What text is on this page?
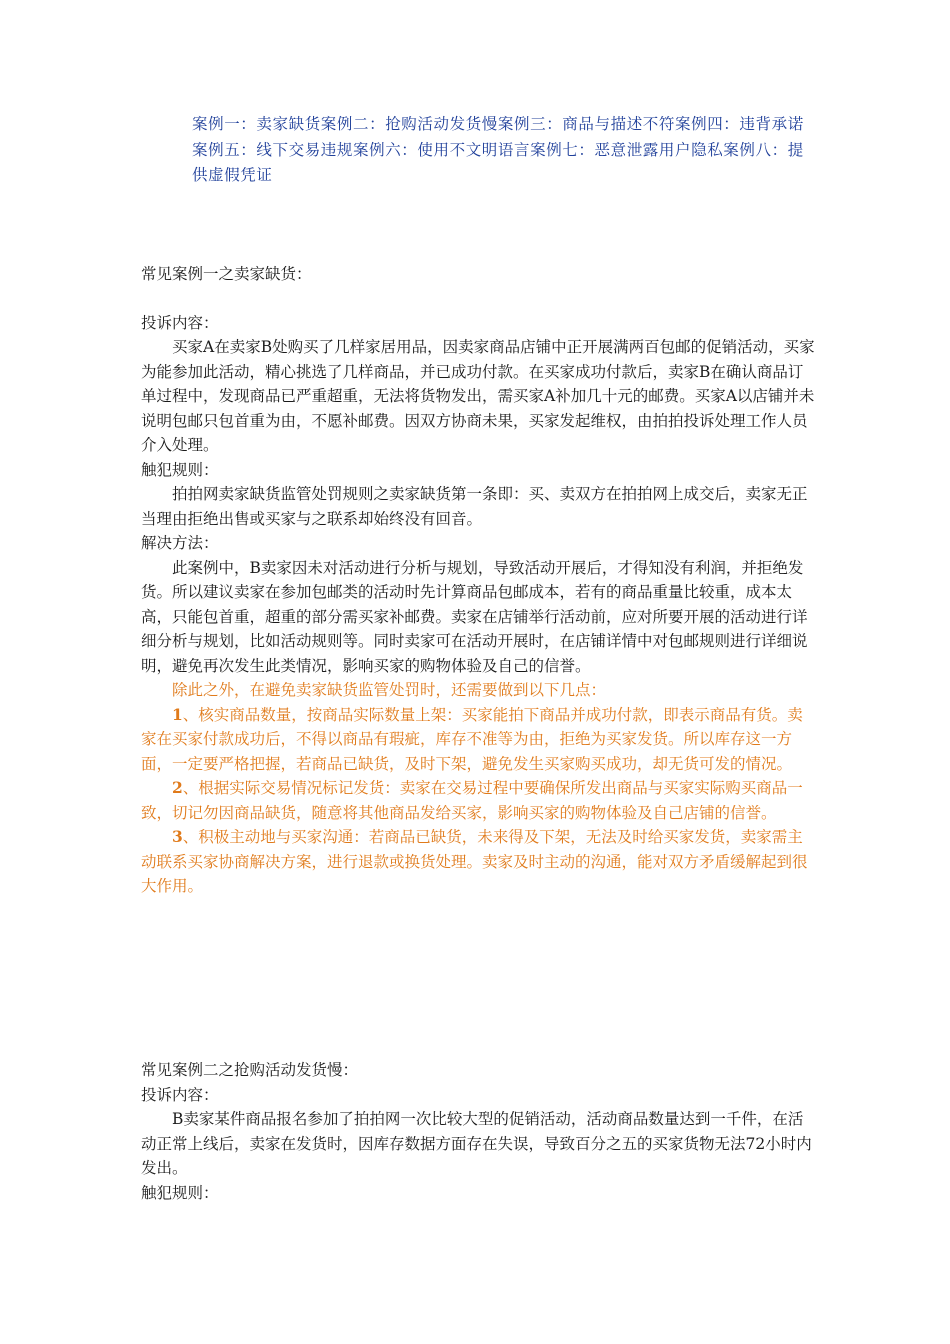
案例一：卖家缺货案例二：抢购活动发货慢案例三：商品与描述不符案例四：违背承诺案例五：线下交易违规案例六：使用不文明语言案例七：恶意泄露用户隐私案例八：提供虚假凭证

常见案例一之卖家缺货：

投诉内容：

买家A在卖家B处购买了几样家居用品，因卖家商品店铺中正开展满两百包邮的促销活动，买家为能参加此活动，精心挑选了几样商品，并已成功付款。在买家成功付款后，卖家B在确认商品订单过程中，发现商品已严重超重，无法将货物发出，需买家A补加几十元的邮费。买家A以店铺并未说明包邮只包首重为由，不愿补邮费。因双方协商未果，买家发起维权，由拍拍投诉处理工作人员介入处理。

触犯规则：

拍拍网卖家缺货监管处罚规则之卖家缺货第一条即：买、卖双方在拍拍网上成交后，卖家无正当理由拒绝出售或买家与之联系却始终没有回音。

解决方法：

此案例中，B卖家因未对活动进行分析与规划，导致活动开展后，才得知没有利润，并拒绝发货。所以建议卖家在参加包邮类的活动时先计算商品包邮成本，若有的商品重量比较重，成本太高，只能包首重，超重的部分需买家补邮费。卖家在店铺举行活动前，应对所要开展的活动进行详细分析与规划，比如活动规则等。同时卖家可在活动开展时，在店铺详情中对包邮规则进行详细说明，避免再次发生此类情况，影响买家的购物体验及自己的信誉。

除此之外，在避免卖家缺货监管处罚时，还需要做到以下几点：

1、核实商品数量，按商品实际数量上架：买家能拍下商品并成功付款，即表示商品有货。卖家在买家付款成功后，不得以商品有瑕疵，库存不准等为由，拒绝为买家发货。所以库存这一方面，一定要严格把握，若商品已缺货，及时下架，避免发生买家购买成功，却无货可发的情况。

2、根据实际交易情况标记发货：卖家在交易过程中要确保所发出商品与买家实际购买商品一致，切记勿因商品缺货，随意将其他商品发给买家，影响买家的购物体验及自己店铺的信誉。

3、积极主动地与买家沟通：若商品已缺货，未来得及下架，无法及时给买家发货，卖家需主动联系买家协商解决方案，进行退款或换货处理。卖家及时主动的沟通，能对双方矛盾缓解起到很大作用。

常见案例二之抢购活动发货慢：

投诉内容：

B卖家某件商品报名参加了拍拍网一次比较大型的促销活动，活动商品数量达到一千件，在活动正常上线后，卖家在发货时，因库存数据方面存在失误，导致百分之五的买家货物无法72小时内发出。

触犯规则：
